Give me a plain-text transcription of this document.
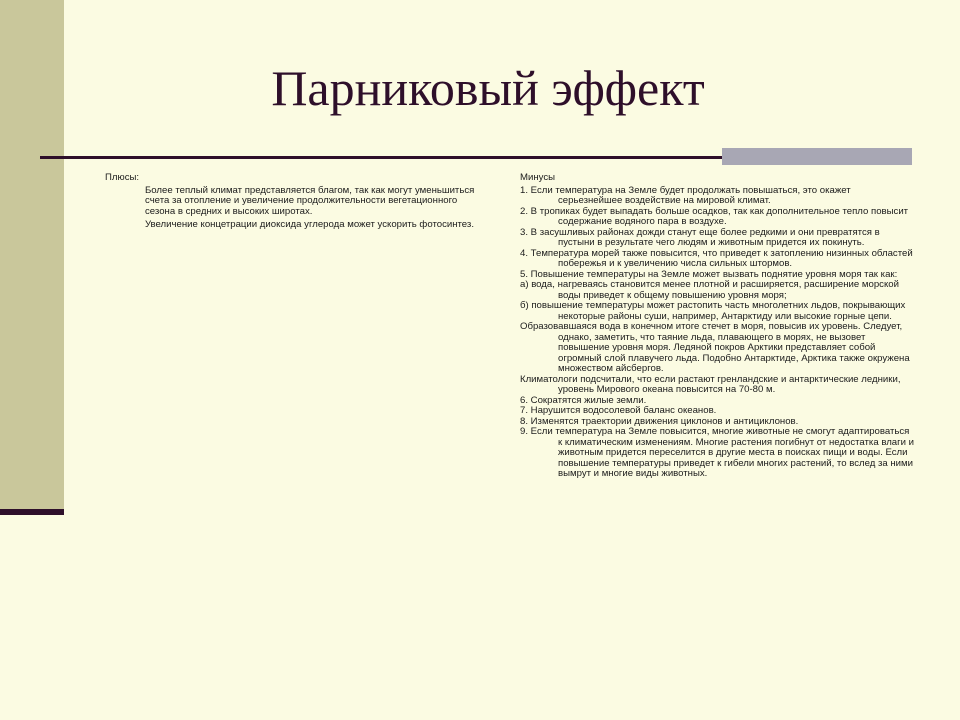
Парниковый эффект

Плюсы:

Более теплый климат представляется благом, так как могут уменьшиться счета за отопление и увеличение продолжительности вегетационного сезона в средних и высоких широтах.

Увеличение концетрации диоксида углерода может ускорить фотосинтез.

Минусы

1. Если температура на Земле будет продолжать повышаться, это окажет серьезнейшее воздействие на мировой климат.

2. В тропиках будет выпадать больше осадков, так как дополнительное тепло повысит содержание водяного пара в воздухе.

3. В засушливых районах дожди станут еще более редкими и они превратятся в пустыни в результате чего людям и животным придется их покинуть.

4. Температура морей также повысится, что приведет к затоплению низинных областей побережья и к увеличению числа сильных штормов.

5. Повышение температуры на Земле может вызвать поднятие уровня моря так как:

а) вода, нагреваясь становится менее плотной и расширяется, расширение морской воды приведет к общему повышению уровня моря;

б) повышение температуры может растопить часть многолетних льдов, покрывающих некоторые районы суши, например, Антарктиду или высокие горные цепи.

Образовавшаяся вода в конечном итоге стечет в моря, повысив их уровень. Следует, однако, заметить, что таяние льда, плавающего в морях, не вызовет повышение уровня моря. Ледяной покров Арктики представляет собой огромный слой плавучего льда. Подобно Антарктиде, Арктика также окружена множеством айсбергов.

Климатологи подсчитали, что если растают гренландские и антарктические ледники, уровень Мирового океана повысится на 70-80 м.

6. Сократятся жилые земли.

7. Нарушится водосолевой баланс океанов.

8. Изменятся траектории движения циклонов и антициклонов.

9. Если температура на Земле повысится, многие животные не смогут адаптироваться к климатическим изменениям. Многие растения погибнут от недостатка влаги и животным придется переселится в другие места в поисках пищи и воды. Если повышение температуры приведет к гибели многих растений, то вслед за ними вымрут и многие виды животных.
